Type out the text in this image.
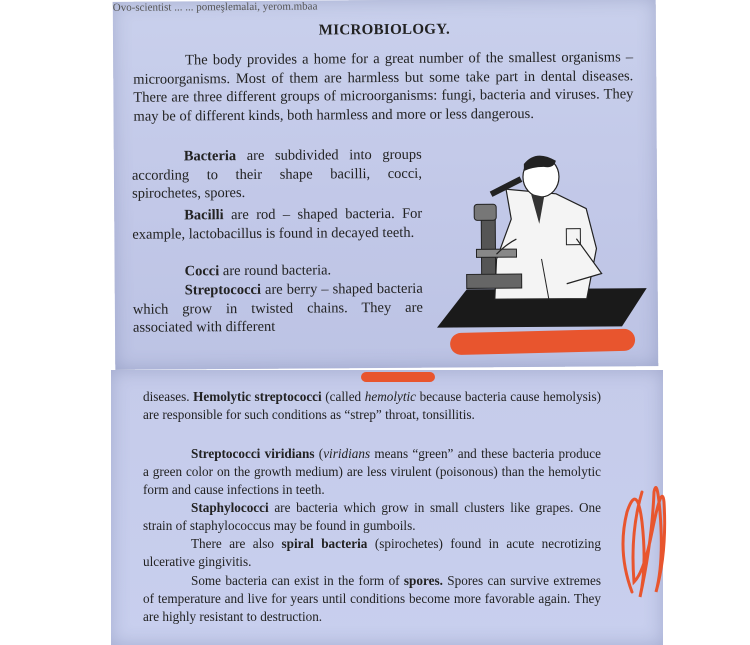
Ovo-scientist ... ... pomeşlemalai, yerom.mbaa
MICROBIOLOGY.
The body provides a home for a great number of the smallest organisms – microorganisms. Most of them are harmless but some take part in dental diseases. There are three different groups of microorganisms: fungi, bacteria and viruses. They may be of different kinds, both harmless and more or less dangerous.
Bacteria are subdivided into groups according to their shape bacilli, cocci, spirochetes, spores.
Bacilli are rod – shaped bacteria. For example, lactobacillus is found in decayed teeth.
Cocci are round bacteria.
Streptococci are berry – shaped bacteria which grow in twisted chains. They are associated with different
diseases. Hemolytic streptococci (called hemolytic because bacteria cause hemolysis) are responsible for such conditions as “strep” throat, tonsillitis.
Streptococci viridians (viridians means “green” and these bacteria produce a green color on the growth medium) are less virulent (poisonous) than the hemolytic form and cause infections in teeth.
Staphylococci are bacteria which grow in small clusters like grapes. One strain of staphylococcus may be found in gumboils.
There are also spiral bacteria (spirochetes) found in acute necrotizing ulcerative gingivitis.
Some bacteria can exist in the form of spores. Spores can survive extremes of temperature and live for years until conditions become more favorable again. They are highly resistant to destruction.
